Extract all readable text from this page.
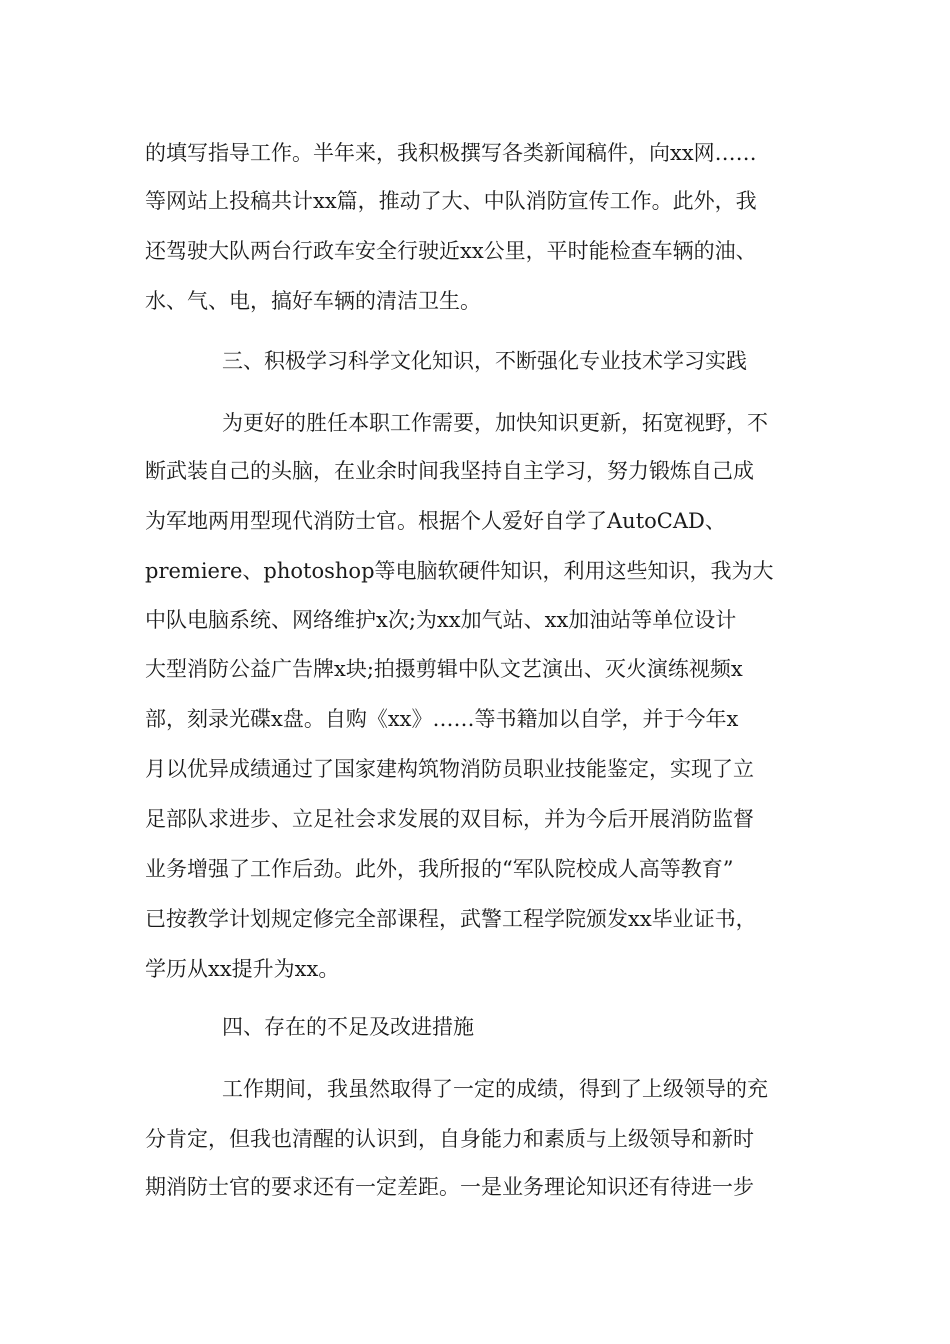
的填写指导工作。半年来，我积极撰写各类新闻稿件，向xx网……
等网站上投稿共计xx篇，推动了大、中队消防宣传工作。此外，我
还驾驶大队两台行政车安全行驶近xx公里，平时能检查车辆的油、
水、气、电，搞好车辆的清洁卫生。
三、积极学习科学文化知识，不断强化专业技术学习实践
为更好的胜任本职工作需要，加快知识更新，拓宽视野，不
断武装自己的头脑，在业余时间我坚持自主学习，努力锻炼自己成
为军地两用型现代消防士官。根据个人爱好自学了AutoCAD、
premiere、photoshop等电脑软硬件知识，利用这些知识，我为大
中队电脑系统、网络维护x次;为xx加气站、xx加油站等单位设计
大型消防公益广告牌x块;拍摄剪辑中队文艺演出、灭火演练视频x
部，刻录光碟x盘。自购《xx》……等书籍加以自学，并于今年x
月以优异成绩通过了国家建构筑物消防员职业技能鉴定，实现了立
足部队求进步、立足社会求发展的双目标，并为今后开展消防监督
业务增强了工作后劲。此外，我所报的“军队院校成人高等教育”
已按教学计划规定修完全部课程，武警工程学院颁发xx毕业证书，
学历从xx提升为xx。
四、存在的不足及改进措施
工作期间，我虽然取得了一定的成绩，得到了上级领导的充
分肯定，但我也清醒的认识到，自身能力和素质与上级领导和新时
期消防士官的要求还有一定差距。一是业务理论知识还有待进一步
